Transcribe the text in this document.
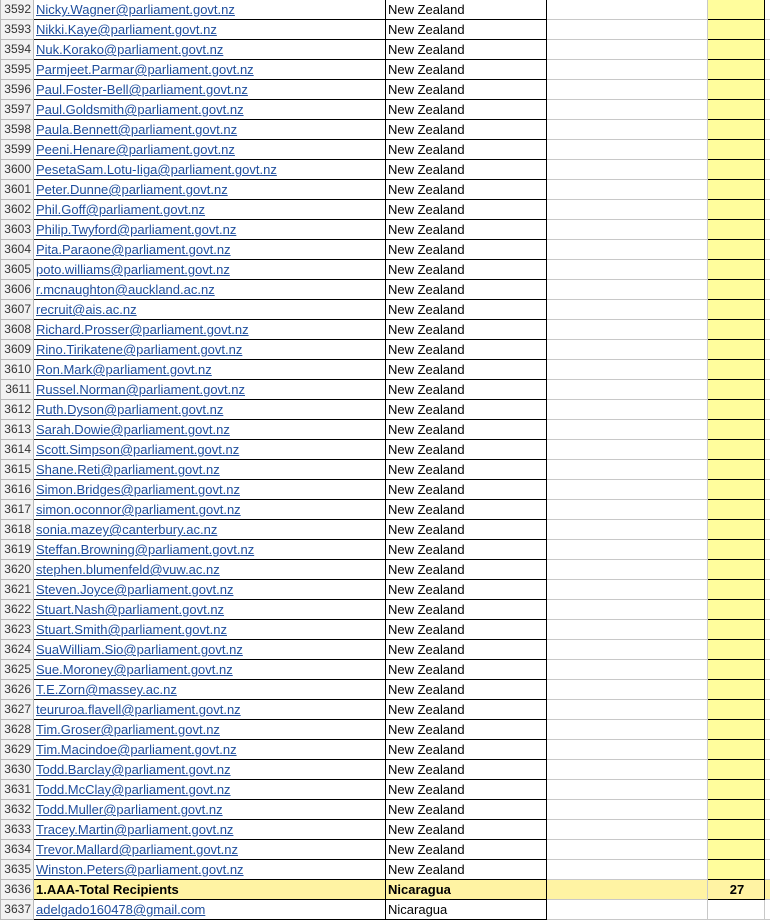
3592	Nicky.Wagner@parliament.govt.nz	New Zealand			
3593	Nikki.Kaye@parliament.govt.nz	New Zealand			
3594	Nuk.Korako@parliament.govt.nz	New Zealand			
3595	Parmjeet.Parmar@parliament.govt.nz	New Zealand			
3596	Paul.Foster-Bell@parliament.govt.nz	New Zealand			
3597	Paul.Goldsmith@parliament.govt.nz	New Zealand			
3598	Paula.Bennett@parliament.govt.nz	New Zealand			
3599	Peeni.Henare@parliament.govt.nz	New Zealand			
3600	PesetaSam.Lotu-Iiga@parliament.govt.nz	New Zealand			
3601	Peter.Dunne@parliament.govt.nz	New Zealand			
3602	Phil.Goff@parliament.govt.nz	New Zealand			
3603	Philip.Twyford@parliament.govt.nz	New Zealand			
3604	Pita.Paraone@parliament.govt.nz	New Zealand			
3605	poto.williams@parliament.govt.nz	New Zealand			
3606	r.mcnaughton@auckland.ac.nz	New Zealand			
3607	recruit@ais.ac.nz	New Zealand			
3608	Richard.Prosser@parliament.govt.nz	New Zealand			
3609	Rino.Tirikatene@parliament.govt.nz	New Zealand			
3610	Ron.Mark@parliament.govt.nz	New Zealand			
3611	Russel.Norman@parliament.govt.nz	New Zealand			
3612	Ruth.Dyson@parliament.govt.nz	New Zealand			
3613	Sarah.Dowie@parliament.govt.nz	New Zealand			
3614	Scott.Simpson@parliament.govt.nz	New Zealand			
3615	Shane.Reti@parliament.govt.nz	New Zealand			
3616	Simon.Bridges@parliament.govt.nz	New Zealand			
3617	simon.oconnor@parliament.govt.nz	New Zealand			
3618	sonia.mazey@canterbury.ac.nz	New Zealand			
3619	Steffan.Browning@parliament.govt.nz	New Zealand			
3620	stephen.blumenfeld@vuw.ac.nz	New Zealand			
3621	Steven.Joyce@parliament.govt.nz	New Zealand			
3622	Stuart.Nash@parliament.govt.nz	New Zealand			
3623	Stuart.Smith@parliament.govt.nz	New Zealand			
3624	SuaWilliam.Sio@parliament.govt.nz	New Zealand			
3625	Sue.Moroney@parliament.govt.nz	New Zealand			
3626	T.E.Zorn@massey.ac.nz	New Zealand			
3627	teururoa.flavell@parliament.govt.nz	New Zealand			
3628	Tim.Groser@parliament.govt.nz	New Zealand			
3629	Tim.Macindoe@parliament.govt.nz	New Zealand			
3630	Todd.Barclay@parliament.govt.nz	New Zealand			
3631	Todd.McClay@parliament.govt.nz	New Zealand			
3632	Todd.Muller@parliament.govt.nz	New Zealand			
3633	Tracey.Martin@parliament.govt.nz	New Zealand			
3634	Trevor.Mallard@parliament.govt.nz	New Zealand			
3635	Winston.Peters@parliament.govt.nz	New Zealand			
3636	1.AAA-Total Recipients	Nicaragua		27	
3637	adelgado160478@gmail.com	Nicaragua			
